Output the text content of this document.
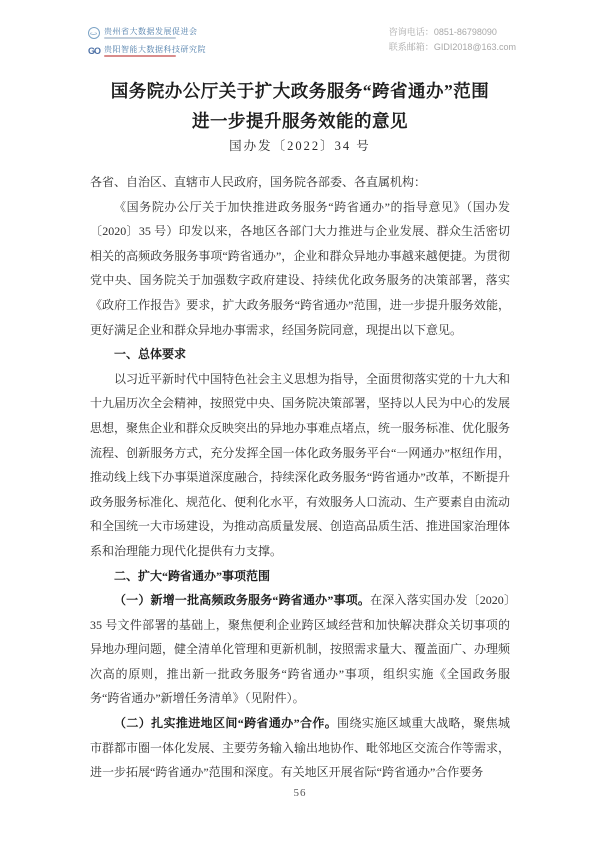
贵州省大数据发展促进会
GO 贵阳智能大数据科技研究院
咨询电话：0851-86798090
联系邮箱：GIDI2018@163.com
国务院办公厅关于扩大政务服务“跨省通办”范围
进一步提升服务效能的意见
国办发〔2022〕34 号

各省、自治区、直辖市人民政府，国务院各部委、各直属机构：

《国务院办公厅关于加快推进政务服务“跨省通办”的指导意见》（国办发〔2020〕35 号）印发以来，各地区各部门大力推进与企业发展、群众生活密切相关的高频政务服务事项“跨省通办”，企业和群众异地办事越来越便捷。为贯彻党中央、国务院关于加强数字政府建设、持续优化政务服务的决策部署，落实《政府工作报告》要求，扩大政务服务“跨省通办”范围，进一步提升服务效能，更好满足企业和群众异地办事需求，经国务院同意，现提出以下意见。

一、总体要求

以习近平新时代中国特色社会主义思想为指导，全面贯彻落实党的十九大和十九届历次全会精神，按照党中央、国务院决策部署，坚持以人民为中心的发展思想，聚焦企业和群众反映突出的异地办事难点堵点，统一服务标准、优化服务流程、创新服务方式，充分发挥全国一体化政务服务平台“一网通办”枢纽作用，推动线上线下办事渠道深度融合，持续深化政务服务“跨省通办”改革，不断提升政务服务标准化、规范化、便利化水平，有效服务人口流动、生产要素自由流动和全国统一大市场建设，为推动高质量发展、创造高品质生活、推进国家治理体系和治理能力现代化提供有力支撑。

二、扩大“跨省通办”事项范围

（一）新增一批高频政务服务“跨省通办”事项。在深入落实国办发〔2020〕35 号文件部署的基础上，聚焦便利企业跨区域经营和加快解决群众关切事项的异地办理问题，健全清单化管理和更新机制，按照需求量大、覆盖面广、办理频次高的原则，推出新一批政务服务“跨省通办”事项，组织实施《全国政务服务“跨省通办”新增任务清单》（见附件）。

（二）扎实推进地区间“跨省通办”合作。围绕实施区域重大战略，聚焦城市群都市圈一体化发展、主要劳务输入输出地协作、毗邻地区交流合作等需求，进一步拓展“跨省通办”范围和深度。有关地区开展省际“跨省通办”合作要务

56
